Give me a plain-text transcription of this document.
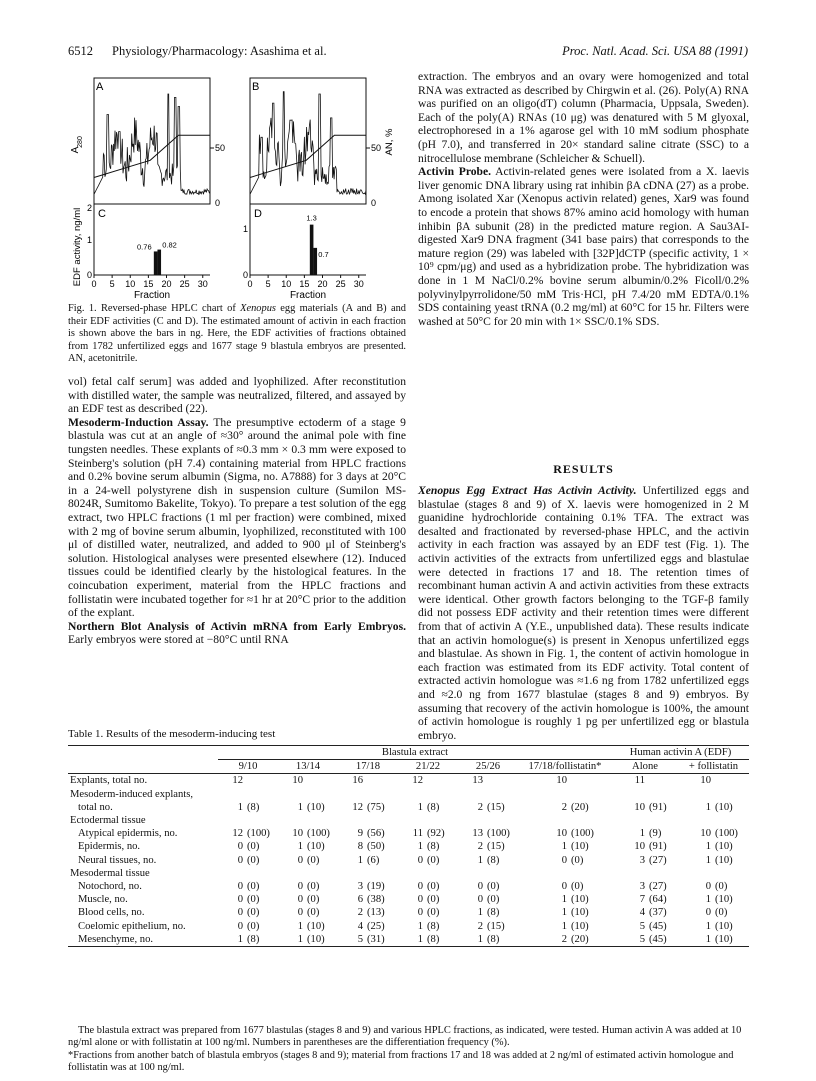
6512 Physiology/Pharmacology: Asashima et al.	Proc. Natl. Acad. Sci. USA 88 (1991)
A
280
EDF activity, ng/ml
A
50
0
B
50
0
AN, %
C
2
1
0
0 5 10 15 20 25 30
0.76 0.82
D
1
0
0 5 10 15 20 25 30
1.3
0.7
Fraction	Fraction
Fig. 1. Reversed-phase HPLC chart of Xenopus egg materials (A and B) and their EDF activities (C and D). The estimated amount of activin in each fraction is shown above the bars in ng. Here, the EDF activities of fractions obtained from 1782 unfertilized eggs and 1677 stage 9 blastula embryos are presented. AN, acetonitrile.

vol) fetal calf serum] was added and lyophilized. After reconstitution with distilled water, the sample was neutralized, filtered, and assayed by an EDF test as described (22).

Mesoderm-Induction Assay. The presumptive ectoderm of a stage 9 blastula was cut at an angle of ≈30° around the animal pole with fine tungsten needles. These explants of ≈0.3 mm × 0.3 mm were exposed to Steinberg's solution (pH 7.4) containing material from HPLC fractions and 0.2% bovine serum albumin (Sigma, no. A7888) for 3 days at 20°C in a 24-well polystyrene dish in suspension culture (Sumilon MS-8024R, Sumitomo Bakelite, Tokyo). To prepare a test solution of the egg extract, two HPLC fractions (1 ml per fraction) were combined, mixed with 2 mg of bovine serum albumin, lyophilized, reconstituted with 100 μl of distilled water, neutralized, and added to 900 μl of Steinberg's solution. Histological analyses were presented elsewhere (12). Induced tissues could be identified clearly by the histological features. In the coincubation experiment, material from the HPLC fractions and follistatin were incubated together for ≈1 hr at 20°C prior to the addition of the explant.

Northern Blot Analysis of Activin mRNA from Early Embryos. Early embryos were stored at −80°C until RNA

extraction. The embryos and an ovary were homogenized and total RNA was extracted as described by Chirgwin et al. (26). Poly(A) RNA was purified on an oligo(dT) column (Pharmacia, Uppsala, Sweden). Each of the poly(A) RNAs (10 μg) was denatured with 5 M glyoxal, electrophoresed in a 1% agarose gel with 10 mM sodium phosphate (pH 7.0), and transferred in 20× standard saline citrate (SSC) to a nitrocellulose membrane (Schleicher & Schuell).

Activin Probe. Activin-related genes were isolated from a X. laevis liver genomic DNA library using rat inhibin βA cDNA (27) as a probe. Among isolated Xar (Xenopus activin related) genes, Xar9 was found to encode a protein that shows 87% amino acid homology with human inhibin βA subunit (28) in the predicted mature region. A Sau3AI-digested Xar9 DNA fragment (341 base pairs) that corresponds to the mature region (29) was labeled with [32P]dCTP (specific activity, 1 × 10⁹ cpm/μg) and used as a hybridization probe. The hybridization was done in 1 M NaCl/0.2% bovine serum albumin/0.2% Ficoll/0.2% polyvinylpyrrolidone/50 mM Tris·HCl, pH 7.4/20 mM EDTA/0.1% SDS containing yeast tRNA (0.2 mg/ml) at 60°C for 15 hr. Filters were washed at 50°C for 20 min with 1× SSC/0.1% SDS.

RESULTS

Xenopus Egg Extract Has Activin Activity. Unfertilized eggs and blastulae (stages 8 and 9) of X. laevis were homogenized in 2 M guanidine hydrochloride containing 0.1% TFA. The extract was desalted and fractionated by reversed-phase HPLC, and the activin activity in each fraction was assayed by an EDF test (Fig. 1). The activin activities of the extracts from unfertilized eggs and blastulae were detected in fractions 17 and 18. The retention times of recombinant human activin A and activin activities from these extracts were identical. Other growth factors belonging to the TGF-β family did not possess EDF activity and their retention times were different from that of activin A (Y.E., unpublished data). These results indicate that an activin homologue(s) is present in Xenopus unfertilized eggs and blastulae. As shown in Fig. 1, the content of activin homologue in each fraction was estimated from its EDF activity. Total content of extracted activin homologue was ≈1.6 ng from 1782 unfertilized eggs and ≈2.0 ng from 1677 blastulae (stages 8 and 9) embryos. By assuming that recovery of the activin homologue is 100%, the amount of activin homologue is roughly 1 pg per unfertilized egg or blastula embryo.

Table 1. Results of the mesoderm-inducing test
	Blastula extract												Human activin A (EDF)			
	9/10		13/14		17/18		21/22		25/26		17/18/follistatin*		Alone		+ follistatin	
Explants, total no.	12		10		16		12		13		10		11		10	
Mesoderm-induced explants,																
total no.	1	(8)	1	(10)	12	(75)	1	(8)	2	(15)	2	(20)	10	(91)	1	(10)
Ectodermal tissue																
Atypical epidermis, no.	12	(100)	10	(100)	9	(56)	11	(92)	13	(100)	10	(100)	1	(9)	10	(100)
Epidermis, no.	0	(0)	1	(10)	8	(50)	1	(8)	2	(15)	1	(10)	10	(91)	1	(10)
Neural tissues, no.	0	(0)	0	(0)	1	(6)	0	(0)	1	(8)	0	(0)	3	(27)	1	(10)
Mesodermal tissue																
Notochord, no.	0	(0)	0	(0)	3	(19)	0	(0)	0	(0)	0	(0)	3	(27)	0	(0)
Muscle, no.	0	(0)	0	(0)	6	(38)	0	(0)	0	(0)	1	(10)	7	(64)	1	(10)
Blood cells, no.	0	(0)	0	(0)	2	(13)	0	(0)	1	(8)	1	(10)	4	(37)	0	(0)
Coelomic epithelium, no.	0	(0)	1	(10)	4	(25)	1	(8)	2	(15)	1	(10)	5	(45)	1	(10)
Mesenchyme, no.	1	(8)	1	(10)	5	(31)	1	(8)	1	(8)	2	(20)	5	(45)	1	(10)

The blastula extract was prepared from 1677 blastulas (stages 8 and 9) and various HPLC fractions, as indicated, were tested. Human activin A was added at 10 ng/ml alone or with follistatin at 100 ng/ml. Numbers in parentheses are the differentiation frequency (%).

*Fractions from another batch of blastula embryos (stages 8 and 9); material from fractions 17 and 18 was added at 2 ng/ml of estimated activin homologue and follistatin was at 100 ng/ml.
